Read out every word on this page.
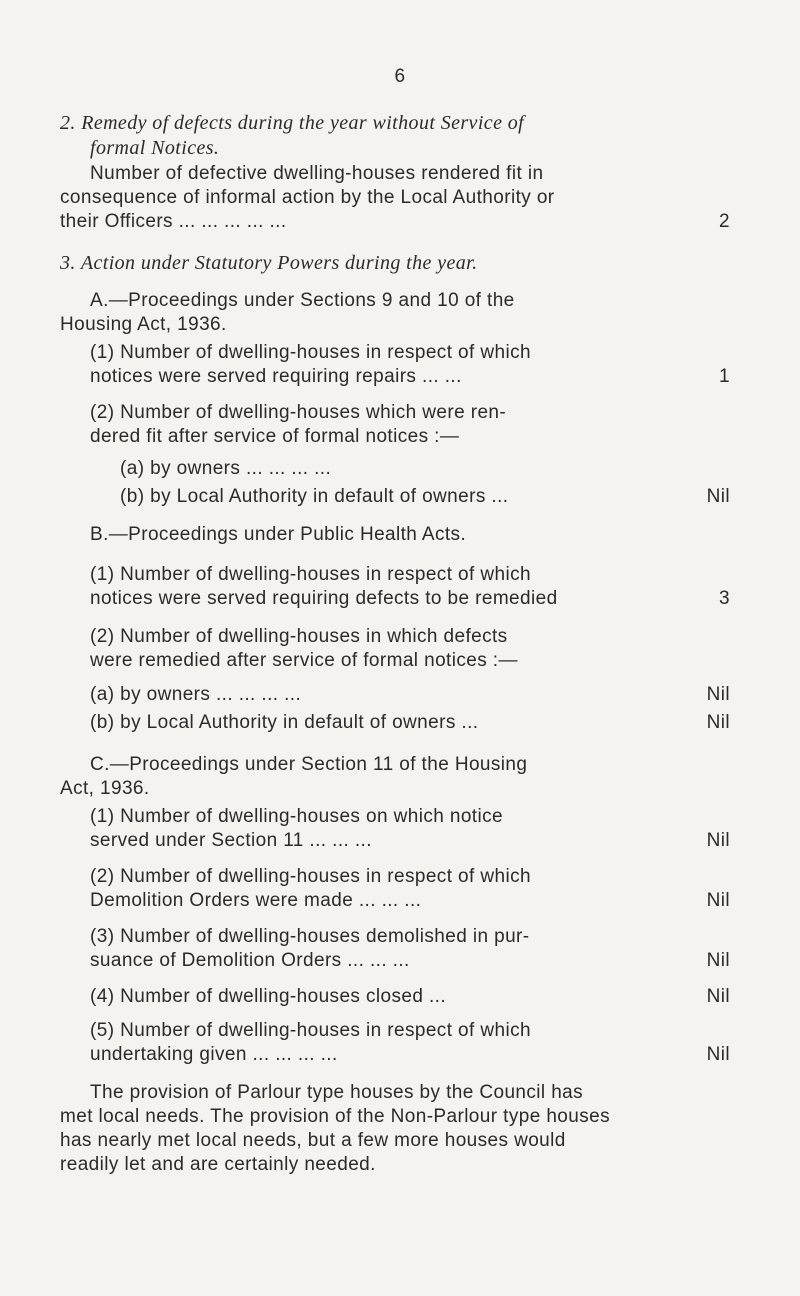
6
2. Remedy of defects during the year without Service of
formal Notices.
Number of defective dwelling-houses rendered fit in
consequence of informal action by the Local Authority or
their Officers ... ... ... ... ...	2
3. Action under Statutory Powers during the year.
A.—Proceedings under Sections 9 and 10 of the
Housing Act, 1936.
(1) Number of dwelling-houses in respect of which
notices were served requiring repairs ... ...	1
(2) Number of dwelling-houses which were ren-
dered fit after service of formal notices :—
(a) by owners ... ... ... ...
(b) by Local Authority in default of owners ...	Nil
B.—Proceedings under Public Health Acts.
(1) Number of dwelling-houses in respect of which
notices were served requiring defects to be remedied	3
(2) Number of dwelling-houses in which defects
were remedied after service of formal notices :—
(a) by owners ... ... ... ...	Nil
(b) by Local Authority in default of owners ...	Nil
C.—Proceedings under Section 11 of the Housing
Act, 1936.
(1) Number of dwelling-houses on which notice
served under Section 11 ... ... ...	Nil
(2) Number of dwelling-houses in respect of which
Demolition Orders were made ... ... ...	Nil
(3) Number of dwelling-houses demolished in pur-
suance of Demolition Orders ... ... ...	Nil
(4) Number of dwelling-houses closed ...	Nil
(5) Number of dwelling-houses in respect of which
undertaking given ... ... ... ...	Nil
The provision of Parlour type houses by the Council has
met local needs. The provision of the Non-Parlour type houses
has nearly met local needs, but a few more houses would
readily let and are certainly needed.
